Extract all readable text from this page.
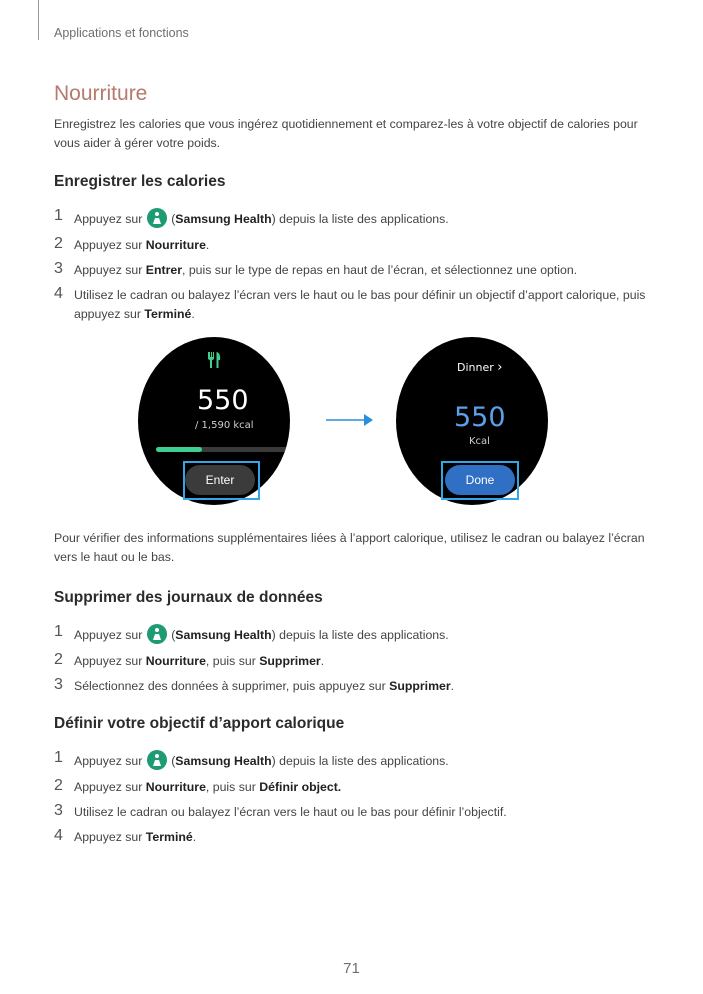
Applications et fonctions
Nourriture
Enregistrez les calories que vous ingérez quotidiennement et comparez-les à votre objectif de calories pour vous aider à gérer votre poids.
Enregistrer les calories
1 Appuyez sur
(Samsung Health) depuis la liste des applications.
2 Appuyez sur Nourriture.
3 Appuyez sur Entrer, puis sur le type de repas en haut de l’écran, et sélectionnez une option.
4 Utilisez le cadran ou balayez l’écran vers le haut ou le bas pour définir un objectif d’apport calorique, puis appuyez sur Terminé.
550
/ 1,590 kcal
Enter
Dinner ›
550
Kcal
Done
Pour vérifier des informations supplémentaires liées à l’apport calorique, utilisez le cadran ou balayez l’écran vers le haut ou le bas.
Supprimer des journaux de données
1 Appuyez sur
(Samsung Health) depuis la liste des applications.
2 Appuyez sur Nourriture, puis sur Supprimer.
3 Sélectionnez des données à supprimer, puis appuyez sur Supprimer.
Définir votre objectif d’apport calorique
1 Appuyez sur
(Samsung Health) depuis la liste des applications.
2 Appuyez sur Nourriture, puis sur Définir object.
3 Utilisez le cadran ou balayez l’écran vers le haut ou le bas pour définir l’objectif.
4 Appuyez sur Terminé.
71
